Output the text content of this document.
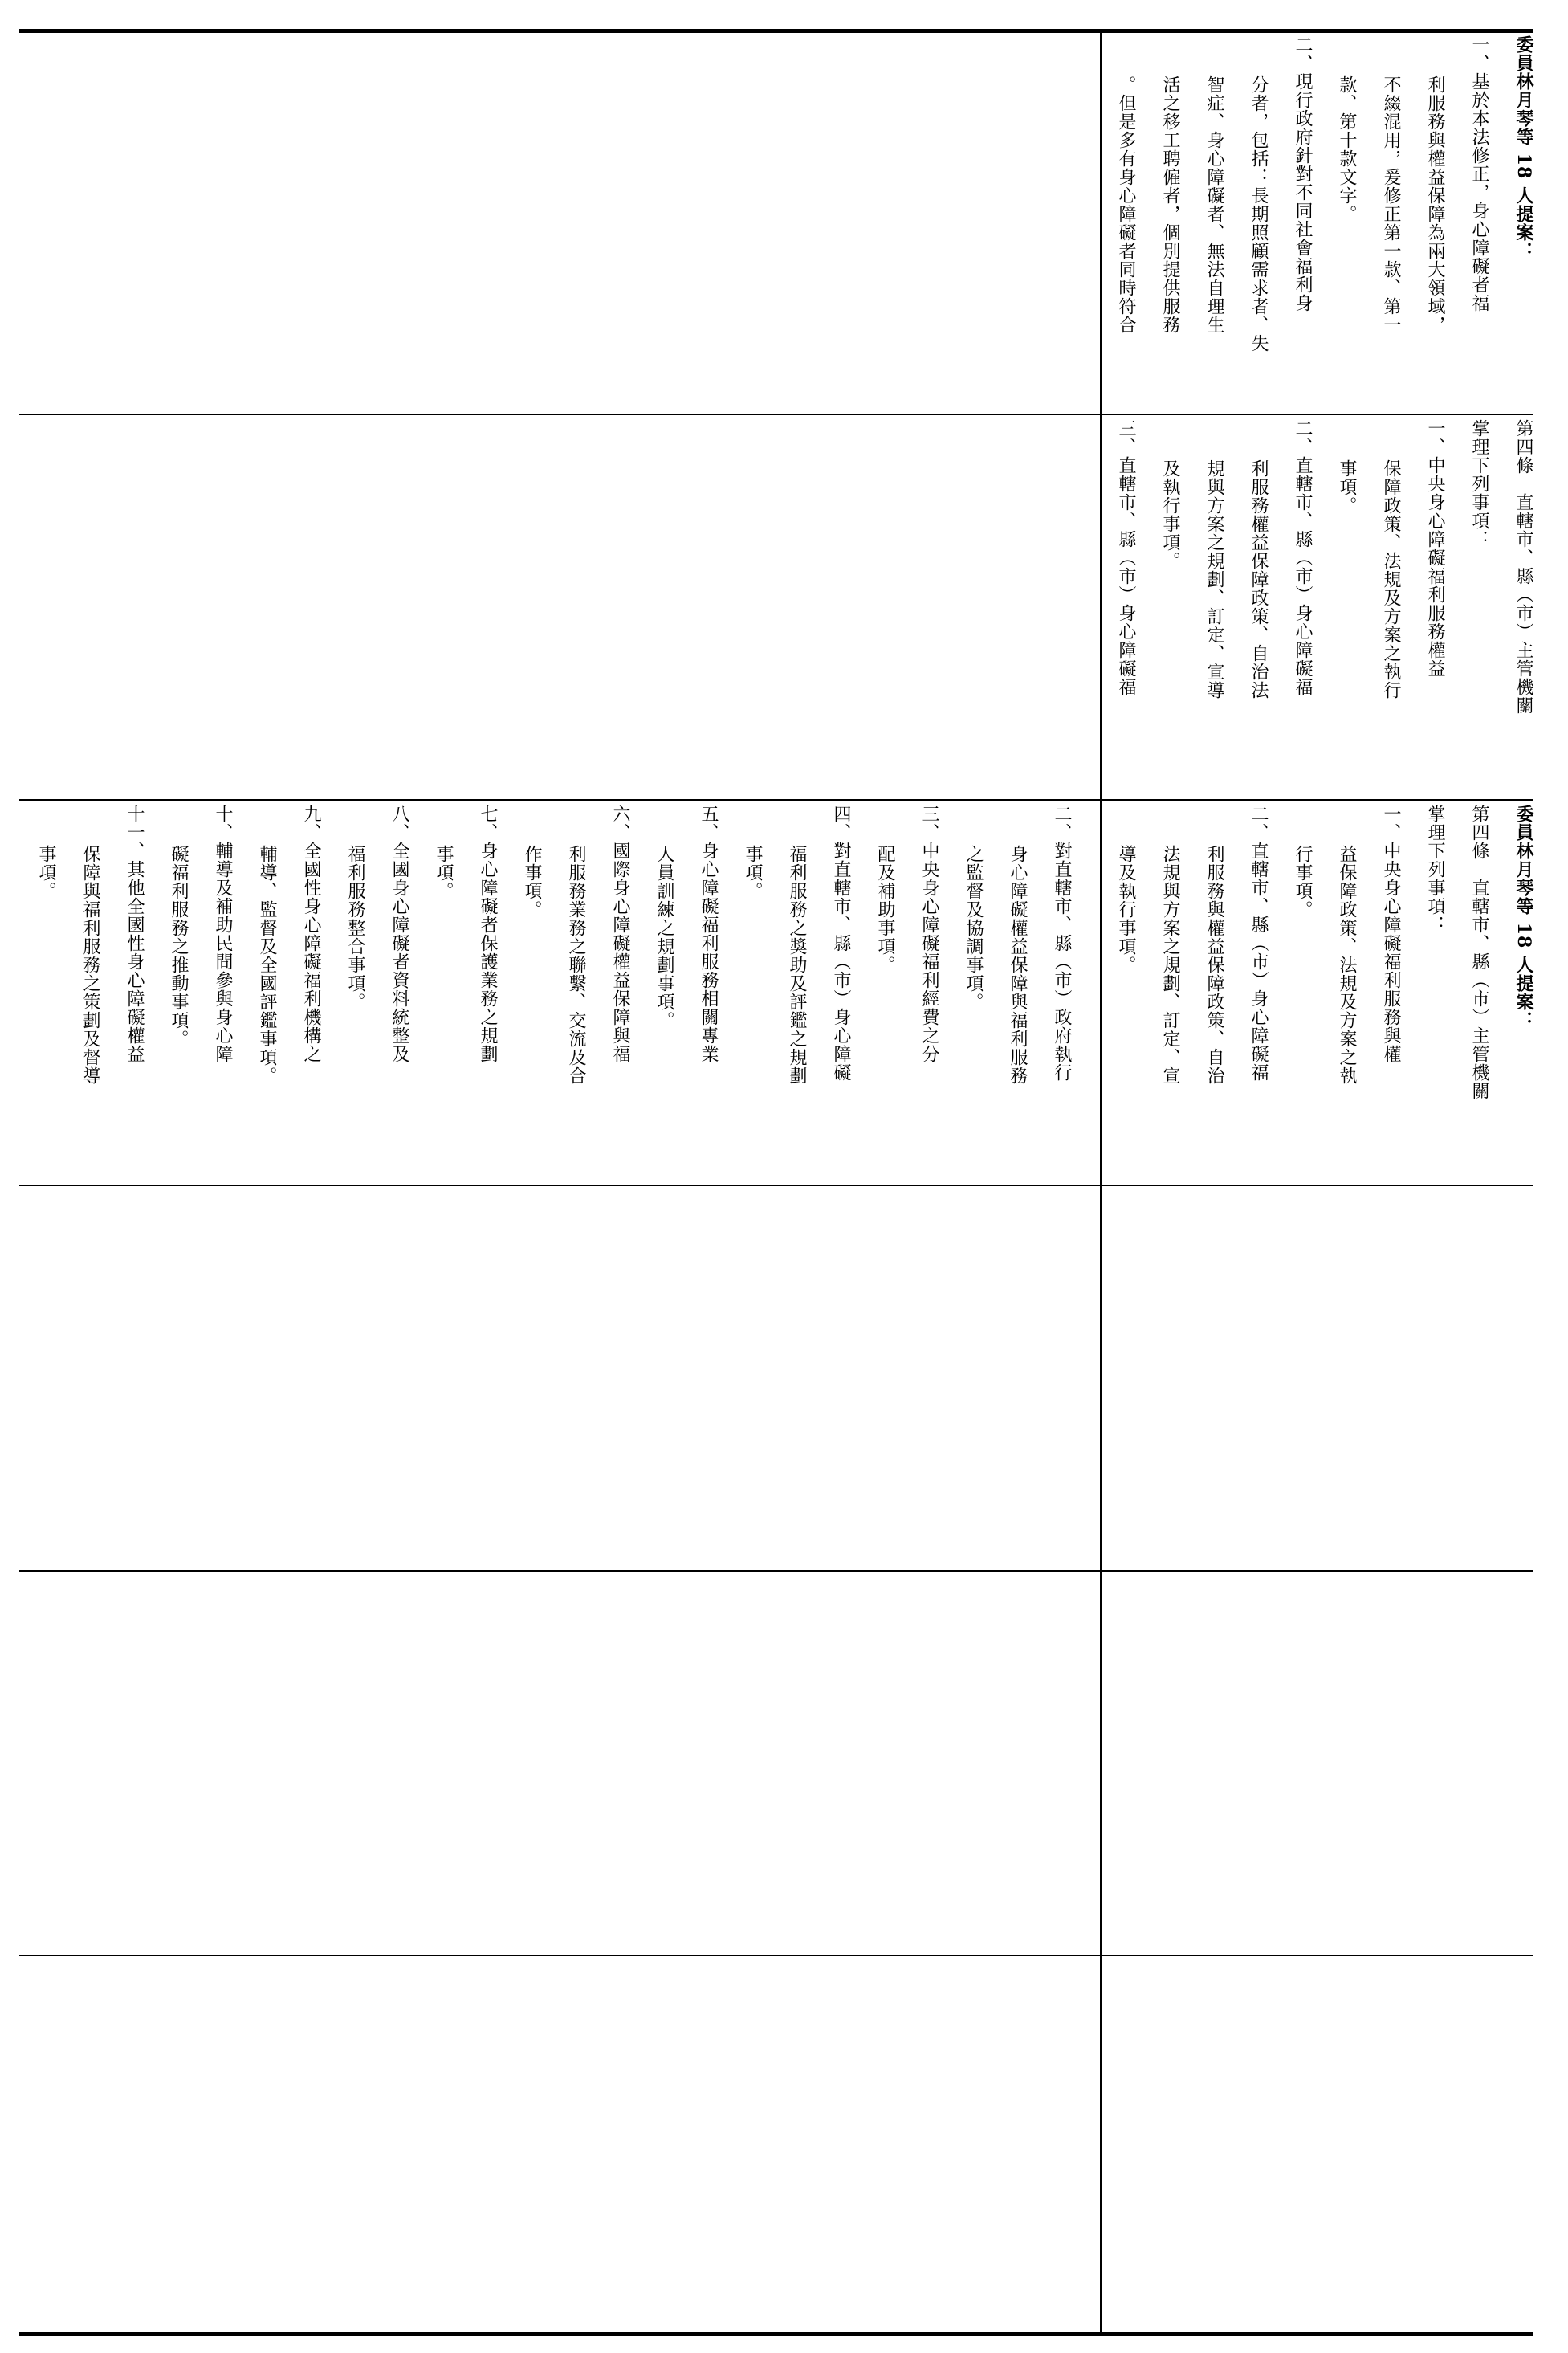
委員林月琴等 18 人提案：
一、基於本法修正，身心障礙者福
利服務與權益保障為兩大領域，
不綴混用，爰修正第一款、第一
款、第十款文字。
二、現行政府針對不同社會福利身
分者，包括：長期照顧需求者、失
智症、身心障礙者、無法自理生
活之移工聘僱者，個別提供服務
。但是多有身心障礙者同時符合
第四條　直轄市、縣（市）主管機關
掌理下列事項：
一、中央身心障礙福利服務權益
保障政策、法規及方案之執行
事項。
二、直轄市、縣（市）身心障礙福
利服務權益保障政策、自治法
規與方案之規劃、訂定、宣導
及執行事項。
三、直轄市、縣（市）身心障礙福
二、對直轄市、縣（市）政府執行
身心障礙權益保障與福利服務
之監督及協調事項。
三、中央身心障礙福利經費之分
配及補助事項。
四、對直轄市、縣（市）身心障礙
福利服務之獎助及評鑑之規劃
事項。
五、身心障礙福利服務相關專業
人員訓練之規劃事項。
六、國際身心障礙權益保障與福
利服務業務之聯繫、交流及合
作事項。
七、身心障礙者保護業務之規劃
事項。
八、全國身心障礙者資料統整及
福利服務整合事項。
九、全國性身心障礙福利機構之
輔導、監督及全國評鑑事項。
十、輔導及補助民間參與身心障
礙福利服務之推動事項。
十一、其他全國性身心障礙權益
保障與福利服務之策劃及督導
事項。	委員林月琴等 18 人提案：
第四條　直轄市、縣（市）主管機關
掌理下列事項：
一、中央身心障礙福利服務與權
益保障政策、法規及方案之執
行事項。
二、直轄市、縣（市）身心障礙福
利服務與權益保障政策、自治
法規與方案之規劃、訂定、宣
導及執行事項。
